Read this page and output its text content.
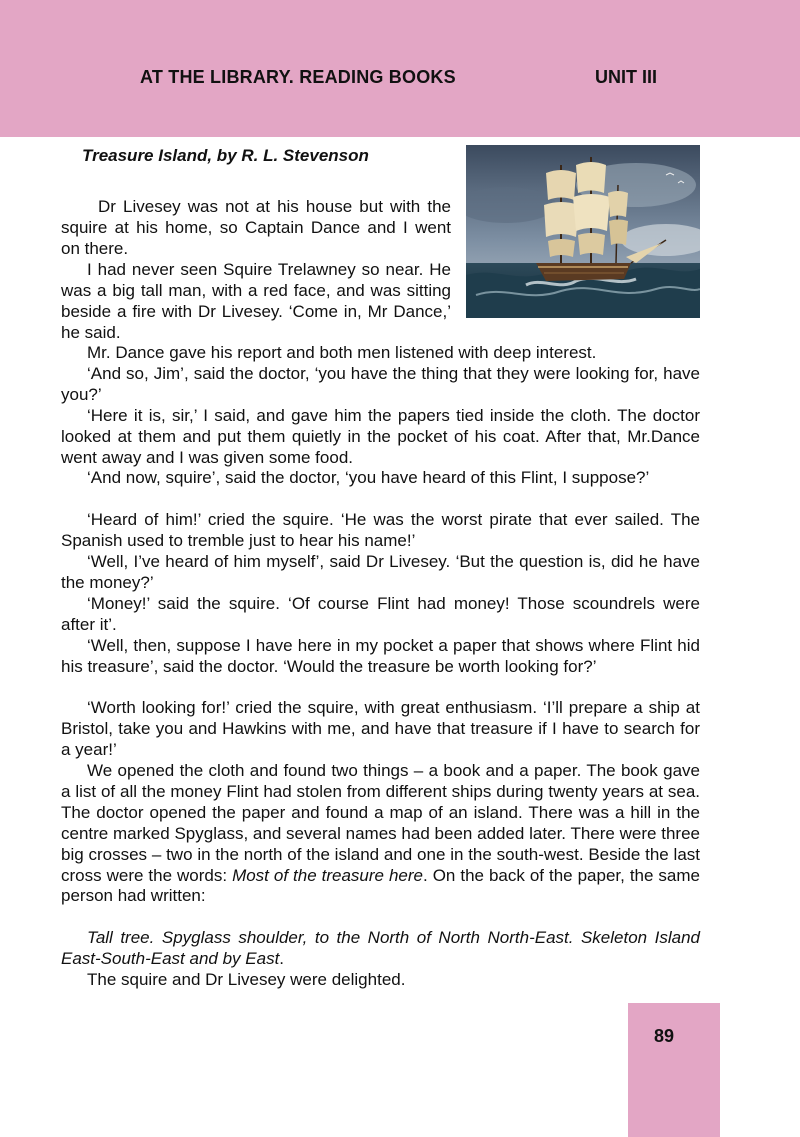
AT THE LIBRARY. READING BOOKS	UNIT III
Treasure Island, by R. L. Stevenson

Dr Livesey was not at his house but with the squire at his home, so Captain Dance and I went on there.

I had never seen Squire Trelawney so near. He was a big tall man, with a red face, and was sitting beside a fire with Dr Livesey. ‘Come in, Mr Dance,’ he said.

Mr. Dance gave his report and both men listened with deep interest.

‘And so, Jim’, said the doctor, ‘you have the thing that they were looking for, have you?’

‘Here it is, sir,’ I said, and gave him the papers tied inside the cloth. The doctor looked at them and put them quietly in the pocket of his coat. After that, Mr.Dance went away and I was given some food.

‘And now, squire’, said the doctor, ‘you have heard of this Flint, I suppose?’

‘Heard of him!’ cried the squire. ‘He was the worst pirate that ever sailed. The Spanish used to tremble just to hear his name!’

‘Well, I’ve heard of him myself’, said Dr Livesey. ‘But the question is, did he have the money?’

‘Money!’ said the squire. ‘Of course Flint had money! Those scoundrels were after it’.

‘Well, then, suppose I have here in my pocket a paper that shows where Flint hid his treasure’, said the doctor. ‘Would the treasure be worth looking for?’

‘Worth looking for!’ cried the squire, with great enthusiasm. ‘I’ll prepare a ship at Bristol, take you and Hawkins with me, and have that treasure if I have to search for a year!’

We opened the cloth and found two things – a book and a paper. The book gave a list of all the money Flint had stolen from different ships during twenty years at sea. The doctor opened the paper and found a map of an island. There was a hill in the centre marked Spyglass, and several names had been added later. There were three big crosses – two in the north of the island and one in the south-west. Beside the last cross were the words: Most of the treasure here. On the back of the paper, the same person had written:

Tall tree. Spyglass shoulder, to the North of North North-East. Skeleton Island East-South-East and by East.

The squire and Dr Livesey were delighted.

89
